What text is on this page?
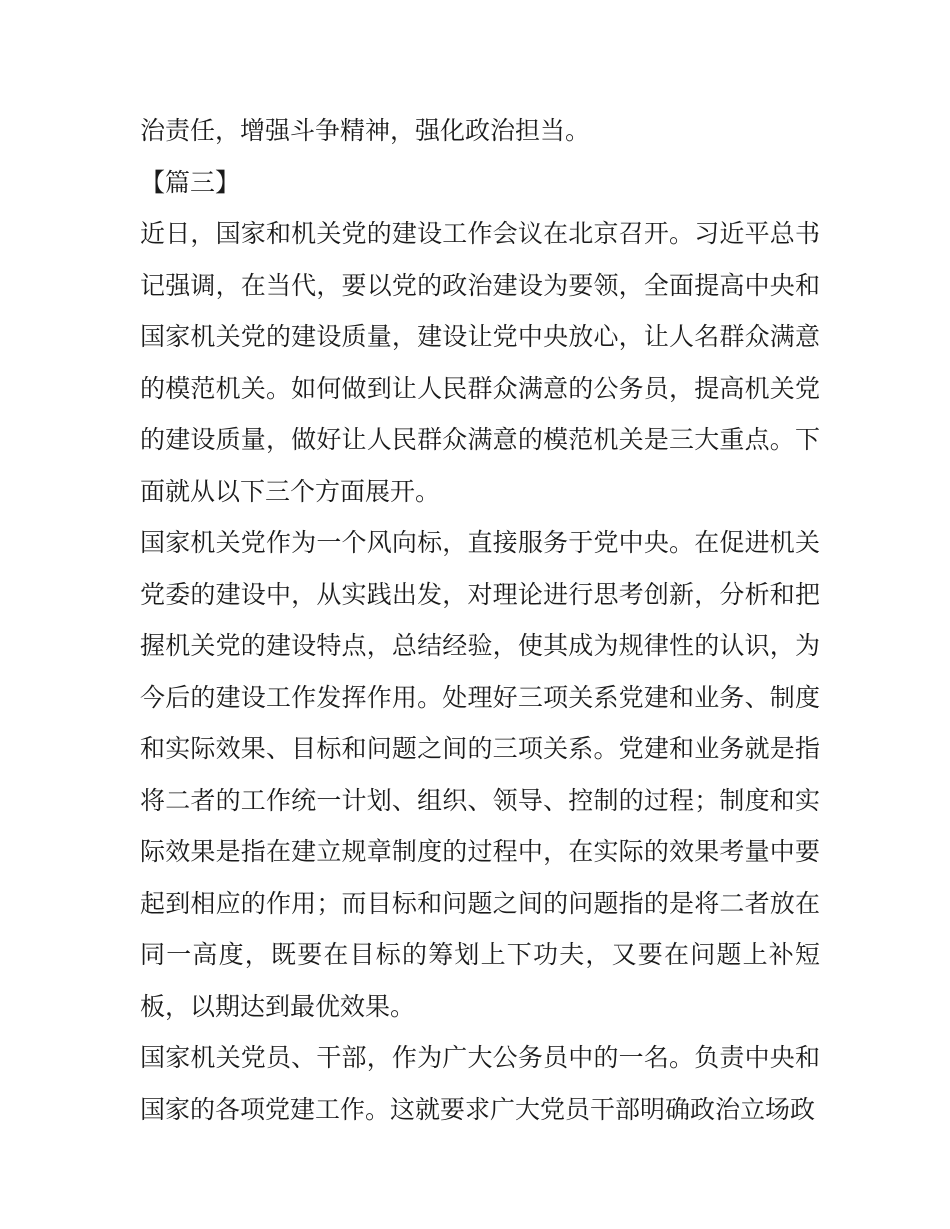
治责任，增强斗争精神，强化政治担当。

【篇三】

近日，国家和机关党的建设工作会议在北京召开。习近平总书记强调，在当代，要以党的政治建设为要领，全面提高中央和国家机关党的建设质量，建设让党中央放心，让人名群众满意的模范机关。如何做到让人民群众满意的公务员，提高机关党的建设质量，做好让人民群众满意的模范机关是三大重点。下面就从以下三个方面展开。

国家机关党作为一个风向标，直接服务于党中央。在促进机关党委的建设中，从实践出发，对理论进行思考创新，分析和把握机关党的建设特点，总结经验，使其成为规律性的认识，为今后的建设工作发挥作用。处理好三项关系党建和业务、制度和实际效果、目标和问题之间的三项关系。党建和业务就是指将二者的工作统一计划、组织、领导、控制的过程；制度和实际效果是指在建立规章制度的过程中，在实际的效果考量中要起到相应的作用；而目标和问题之间的问题指的是将二者放在同一高度，既要在目标的筹划上下功夫，又要在问题上补短板，以期达到最优效果。

国家机关党员、干部，作为广大公务员中的一名。负责中央和国家的各项党建工作。这就要求广大党员干部明确政治立场政
